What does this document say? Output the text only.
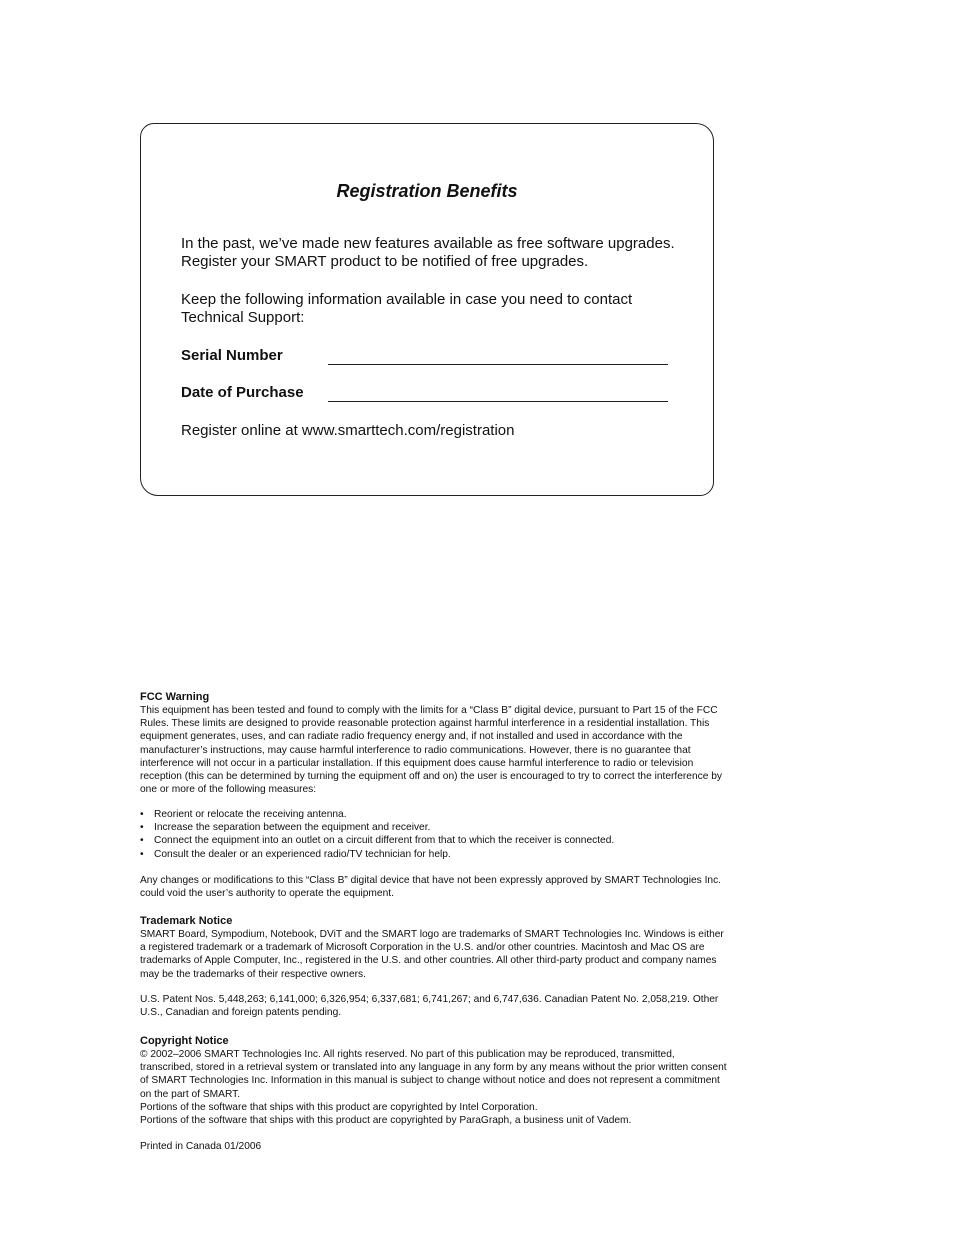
Registration Benefits
In the past, we’ve made new features available as free software upgrades. Register your SMART product to be notified of free upgrades.
Keep the following information available in case you need to contact Technical Support:
Serial Number
Date of Purchase
Register online at www.smarttech.com/registration
FCC Warning

This equipment has been tested and found to comply with the limits for a “Class B” digital device, pursuant to Part 15 of the FCC Rules. These limits are designed to provide reasonable protection against harmful interference in a residential installation. This equipment generates, uses, and can radiate radio frequency energy and, if not installed and used in accordance with the manufacturer’s instructions, may cause harmful interference to radio communications. However, there is no guarantee that interference will not occur in a particular installation. If this equipment does cause harmful interference to radio or television reception (this can be determined by turning the equipment off and on) the user is encouraged to try to correct the interference by one or more of the following measures:

• Reorient or relocate the receiving antenna.
• Increase the separation between the equipment and receiver.
• Connect the equipment into an outlet on a circuit different from that to which the receiver is connected.
• Consult the dealer or an experienced radio/TV technician for help.

Any changes or modifications to this “Class B” digital device that have not been expressly approved by SMART Technologies Inc. could void the user’s authority to operate the equipment.

Trademark Notice

SMART Board, Sympodium, Notebook, DViT and the SMART logo are trademarks of SMART Technologies Inc. Windows is either a registered trademark or a trademark of Microsoft Corporation in the U.S. and/or other countries. Macintosh and Mac OS are trademarks of Apple Computer, Inc., registered in the U.S. and other countries. All other third-party product and company names may be the trademarks of their respective owners.

U.S. Patent Nos. 5,448,263; 6,141,000; 6,326,954; 6,337,681; 6,741,267; and 6,747,636. Canadian Patent No. 2,058,219. Other U.S., Canadian and foreign patents pending.

Copyright Notice

© 2002–2006 SMART Technologies Inc. All rights reserved. No part of this publication may be reproduced, transmitted, transcribed, stored in a retrieval system or translated into any language in any form by any means without the prior written consent of SMART Technologies Inc. Information in this manual is subject to change without notice and does not represent a commitment on the part of SMART.

Portions of the software that ships with this product are copyrighted by Intel Corporation.

Portions of the software that ships with this product are copyrighted by ParaGraph, a business unit of Vadem.

Printed in Canada 01/2006
